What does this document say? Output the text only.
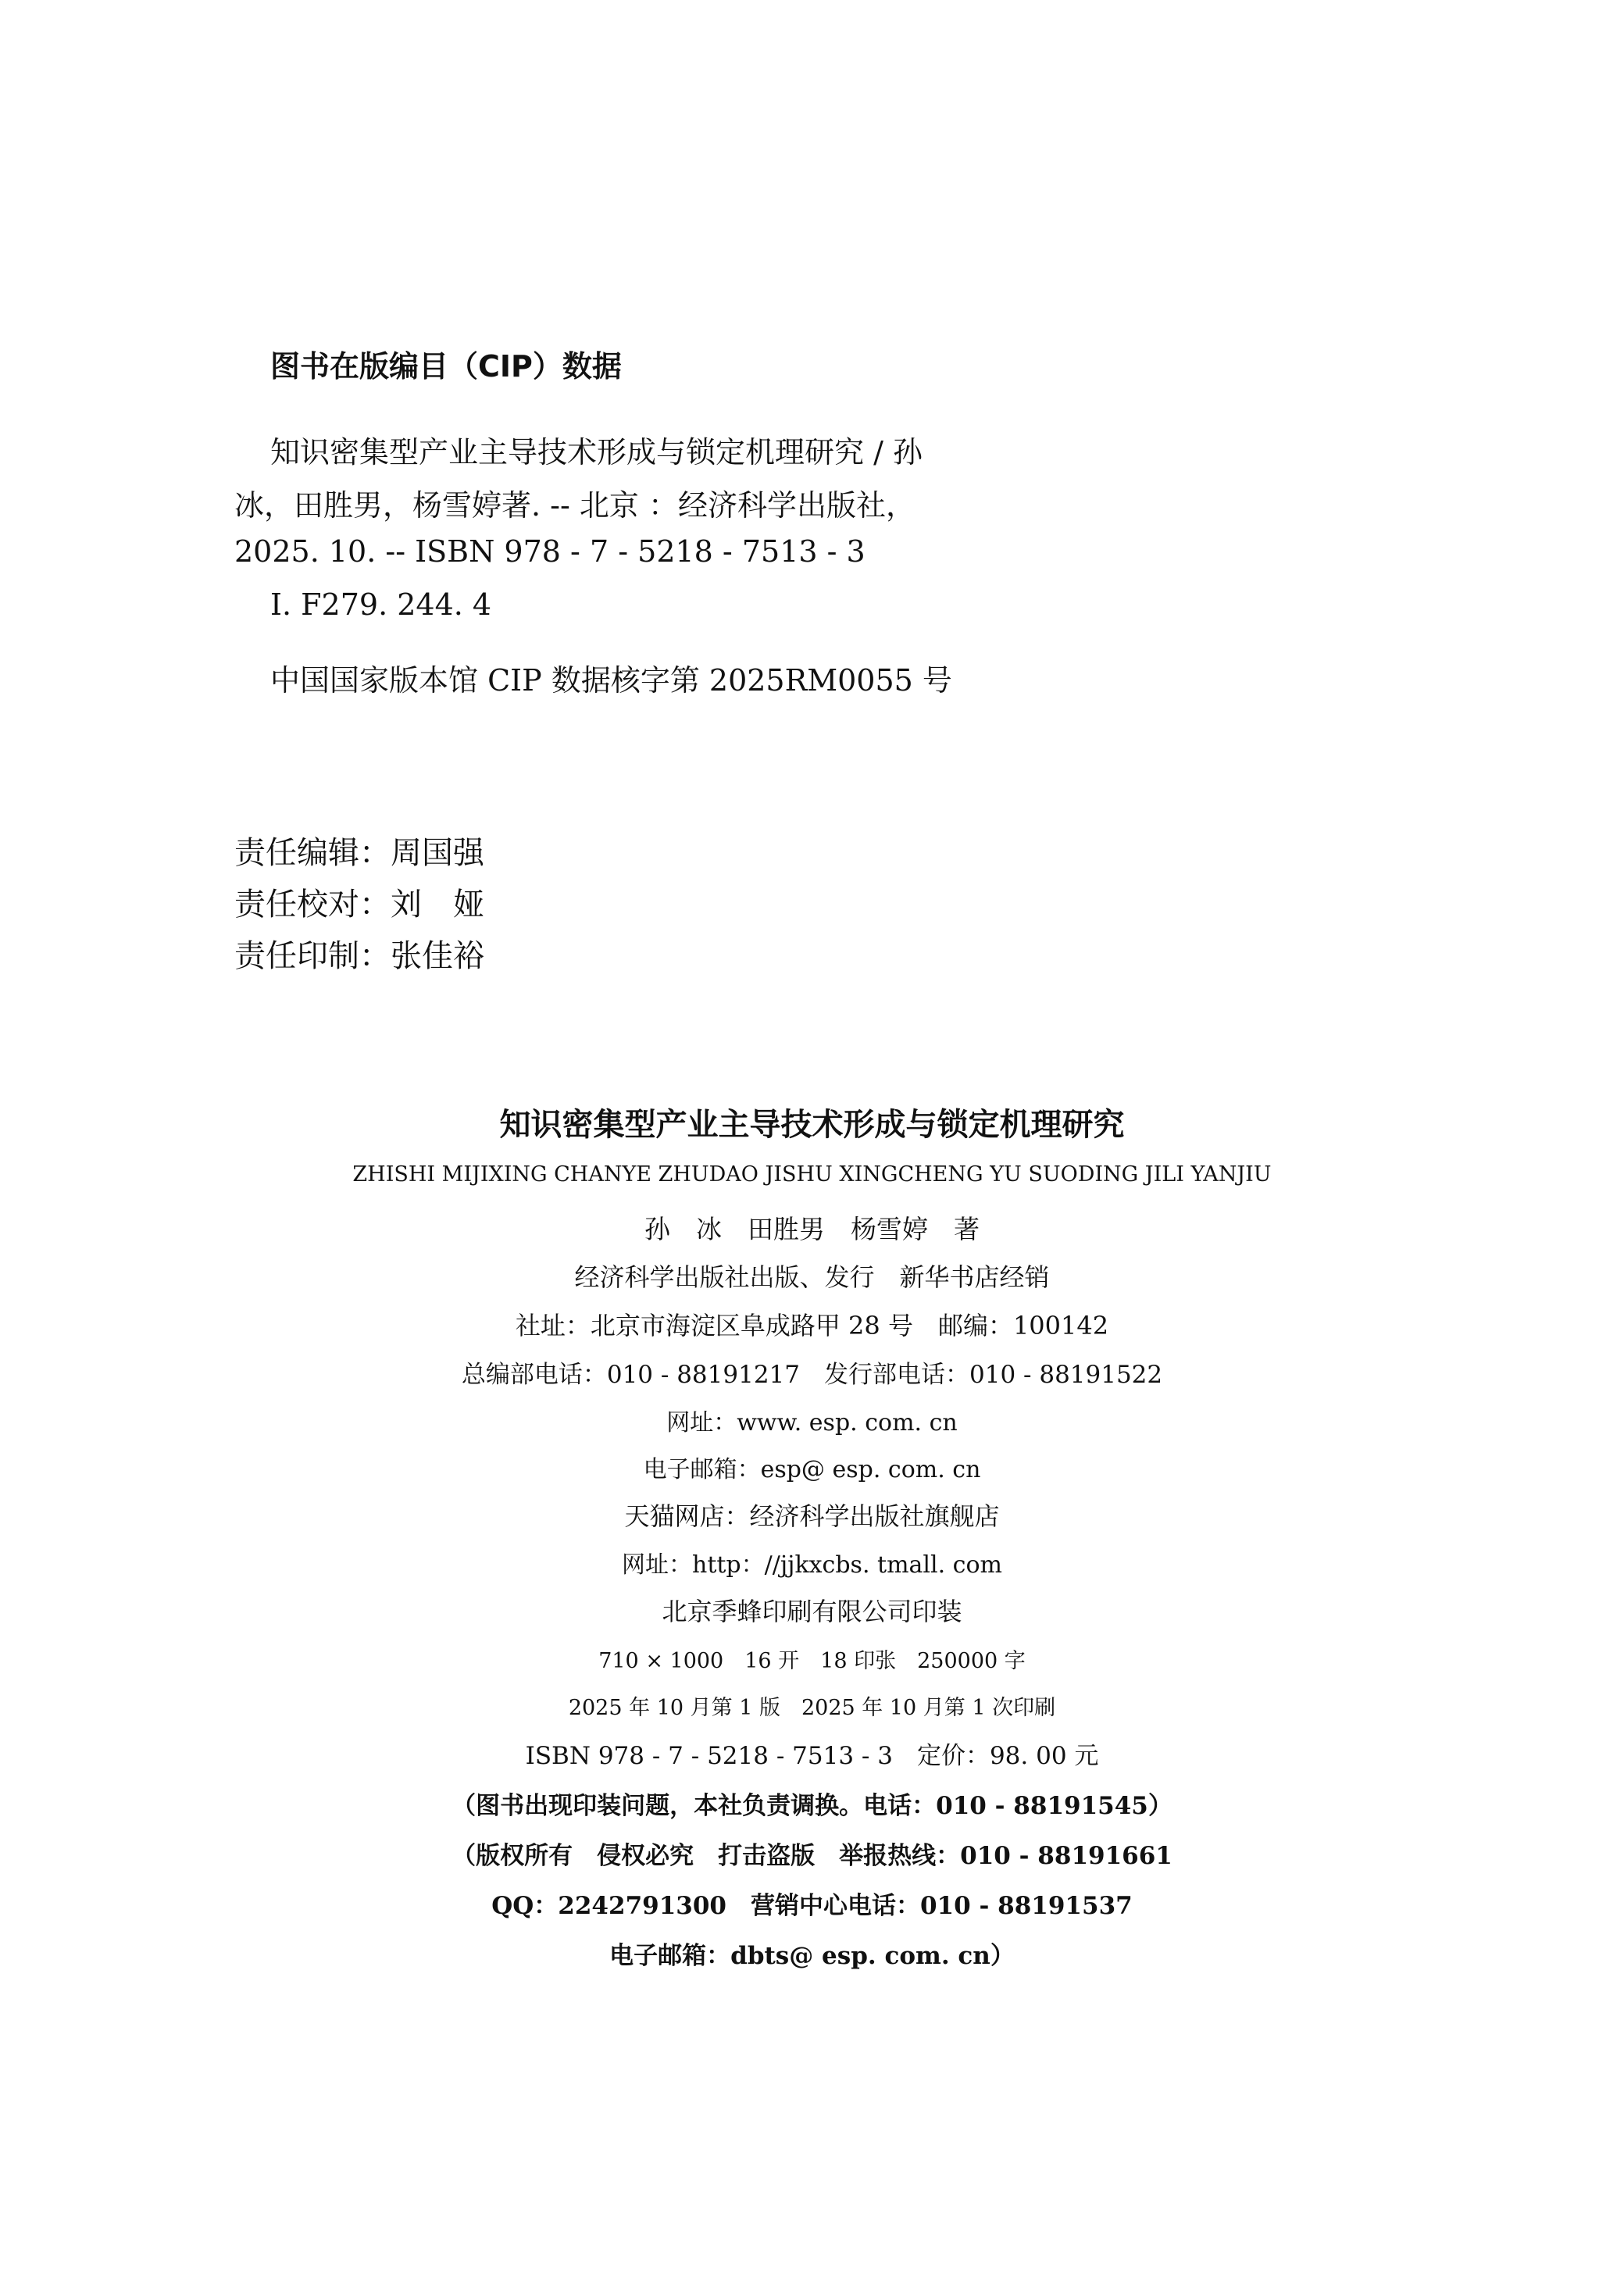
图书在版编目（CIP）数据
知识密集型产业主导技术形成与锁定机理研究 / 孙
冰，田胜男，杨雪婷著. -- 北京 ：经济科学出版社，
2025. 10. -- ISBN 978 - 7 - 5218 - 7513 - 3
Ⅰ. F279. 244. 4
中国国家版本馆 CIP 数据核字第 2025RM0055 号
责任编辑：周国强
责任校对：刘　娅
责任印制：张佳裕
知识密集型产业主导技术形成与锁定机理研究
ZHISHI MIJIXING CHANYE ZHUDAO JISHU XINGCHENG YU SUODING JILI YANJIU
孙　冰　田胜男　杨雪婷　著
经济科学出版社出版、发行　新华书店经销
社址：北京市海淀区阜成路甲 28 号　邮编：100142
总编部电话：010 - 88191217　发行部电话：010 - 88191522
网址：www. esp. com. cn
电子邮箱：esp@ esp. com. cn
天猫网店：经济科学出版社旗舰店
网址：http：//jjkxcbs. tmall. com
北京季蜂印刷有限公司印装
710 × 1000　16 开　18 印张　250000 字
2025 年 10 月第 1 版　2025 年 10 月第 1 次印刷
ISBN 978 - 7 - 5218 - 7513 - 3　定价：98. 00 元
（图书出现印装问题，本社负责调换。电话：010 - 88191545）
（版权所有　侵权必究　打击盗版　举报热线：010 - 88191661
QQ：2242791300　营销中心电话：010 - 88191537
电子邮箱：dbts@ esp. com. cn）
